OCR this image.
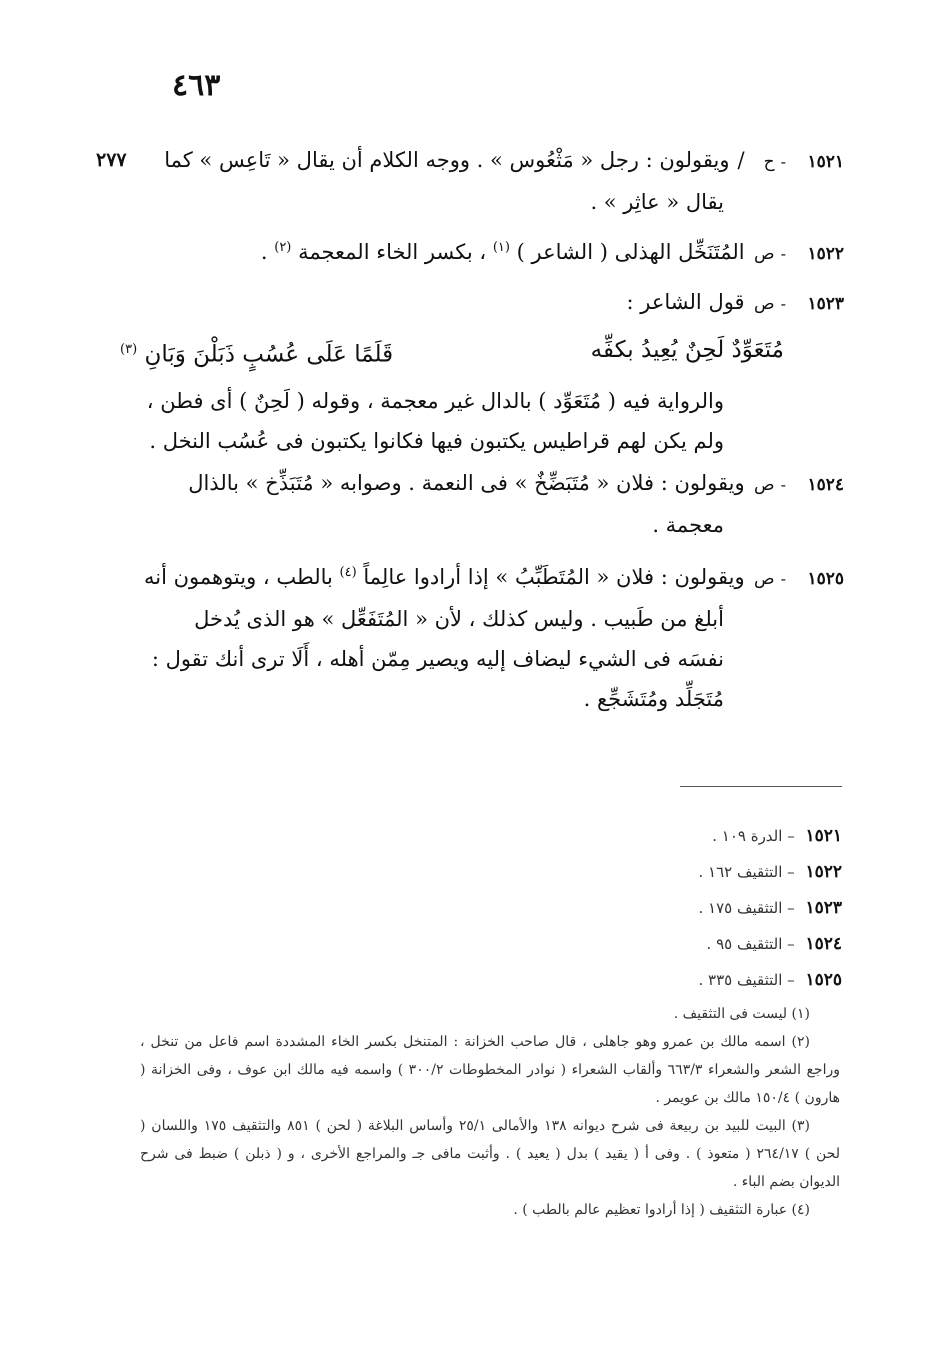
٤٦٣
٢٧٧	١٥٢١
-
ح
/
ويقولون : رجل « مَثْعُوس » . ووجه الكلام أن يقال « تَاعِس » كما
يقال « عاثِر » .
١٥٢٢
-
ص
المُتَنَخِّل الهذلى ( الشاعر ) $^{(١)}$ ، بكسر الخاء المعجمة $^{(٢)}$ .
١٥٢٣
-
ص
قول الشاعر :
مُتَعَوِّدٌ لَحِنٌ يُعِيدُ بكفِّه
قَلَمًا عَلَى عُسُبٍ ذَبَلْنَ وَبَانِ $^{(٣)}$
والرواية فيه ( مُتَعَوِّد ) بالدال غير معجمة ، وقوله ( لَحِنٌ ) أى فطن ،
ولم يكن لهم قراطيس يكتبون فيها فكانوا يكتبون فى عُسُب النخل .
١٥٢٤
-
ص
ويقولون : فلان « مُتَبَضِّخٌ » فى النعمة . وصوابه « مُتَبَذِّخ » بالذال
معجمة .
١٥٢٥
-
ص
ويقولون : فلان « المُتَطَبِّبُ » إذا أرادوا عالِماً $^{(٤)}$ بالطب ، ويتوهمون أنه
أبلغ من طَبيب . وليس كذلك ، لأن « المُتَفَعِّل » هو الذى يُدخل
نفسَه فى الشيء ليضاف إليه ويصير مِمّن أهله ، أَلَا ترى أنك تقول :
مُتَجَلِّد ومُتَشَجِّع .
١٥٢١ – الدرة ١٠٩ .
١٥٢٢ – التثقيف ١٦٢ .
١٥٢٣ – التثقيف ١٧٥ .
١٥٢٤ – التثقيف ٩٥ .
١٥٢٥ – التثقيف ٣٣٥ .
(١) ليست فى التثقيف .
(٢) اسمه مالك بن عمرو وهو جاهلى ، قال صاحب الخزانة : المتنخل بكسر الخاء المشددة اسم فاعل من تنخل ، وراجع الشعر والشعراء ٦٦٣/٣ وألقاب الشعراء ( نوادر المخطوطات ٣٠٠/٢ ) واسمه فيه مالك ابن عوف ، وفى الخزانة ( هارون ) ١٥٠/٤ مالك بن عويمر .
(٣) البيت للبيد بن ربيعة فى شرح ديوانه ١٣٨ والأمالى ٢٥/١ وأساس البلاغة ( لحن ) ٨٥١ والتثقيف ١٧٥ واللسان ( لحن ) ٢٦٤/١٧ ( متعوذ ) . وفى أ ( يقيد ) بدل ( يعيد ) . وأثبت مافى جـ والمراجع الأخرى ، و ( ذبلن ) ضبط فى شرح الديوان بضم الباء .
(٤) عبارة التثقيف ( إذا أرادوا تعظيم عالم بالطب ) .
